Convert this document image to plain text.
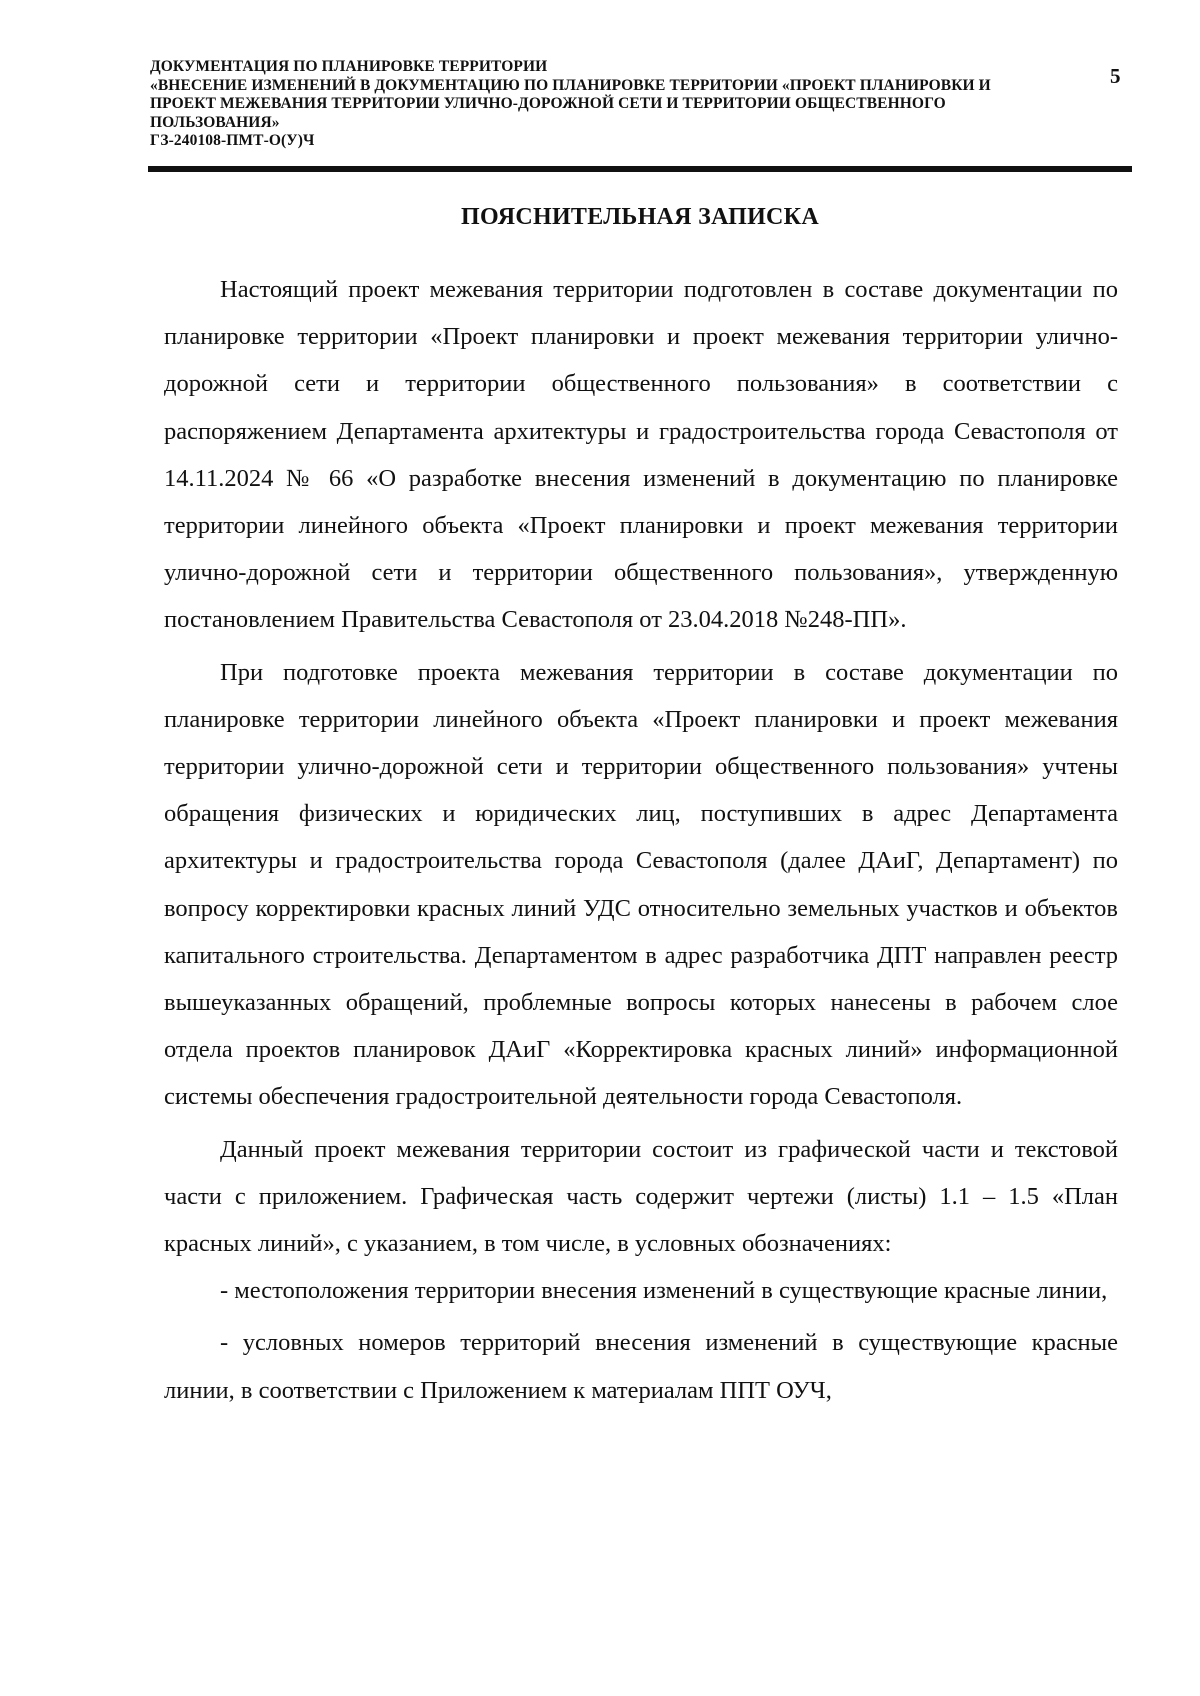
ДОКУМЕНТАЦИЯ ПО ПЛАНИРОВКЕ ТЕРРИТОРИИ
«ВНЕСЕНИЕ ИЗМЕНЕНИЙ В ДОКУМЕНТАЦИЮ ПО ПЛАНИРОВКЕ ТЕРРИТОРИИ «ПРОЕКТ ПЛАНИРОВКИ И
ПРОЕКТ МЕЖЕВАНИЯ ТЕРРИТОРИИ УЛИЧНО-ДОРОЖНОЙ СЕТИ И ТЕРРИТОРИИ ОБЩЕСТВЕННОГО
ПОЛЬЗОВАНИЯ»
ГЗ-240108-ПМТ-О(У)Ч
5
ПОЯСНИТЕЛЬНАЯ ЗАПИСКА

Настоящий проект межевания территории подготовлен в составе документации по планировке территории «Проект планировки и проект межевания территории улично-дорожной сети и территории общественного пользования» в соответствии с распоряжением Департамента архитектуры и градостроительства города Севастополя от 14.11.2024 № 66 «О разработке внесения изменений в документацию по планировке территории линейного объекта «Проект планировки и проект межевания территории улично-дорожной сети и территории общественного пользования», утвержденную постановлением Правительства Севастополя от 23.04.2018 №248-ПП».

При подготовке проекта межевания территории в составе документации по планировке территории линейного объекта «Проект планировки и проект межевания территории улично-дорожной сети и территории общественного пользования» учтены обращения физических и юридических лиц, поступивших в адрес Департамента архитектуры и градостроительства города Севастополя (далее ДАиГ, Департамент) по вопросу корректировки красных линий УДС относительно земельных участков и объектов капитального строительства. Департаментом в адрес разработчика ДПТ направлен реестр вышеуказанных обращений, проблемные вопросы которых нанесены в рабочем слое отдела проектов планировок ДАиГ «Корректировка красных линий» информационной системы обеспечения градостроительной деятельности города Севастополя.

Данный проект межевания территории состоит из графической части и текстовой части с приложением. Графическая часть содержит чертежи (листы) 1.1 – 1.5 «План красных линий», с указанием, в том числе, в условных обозначениях:

- местоположения территории внесения изменений в существующие красные линии,

- условных номеров территорий внесения изменений в существующие красные линии, в соответствии с Приложением к материалам ППТ ОУЧ,
